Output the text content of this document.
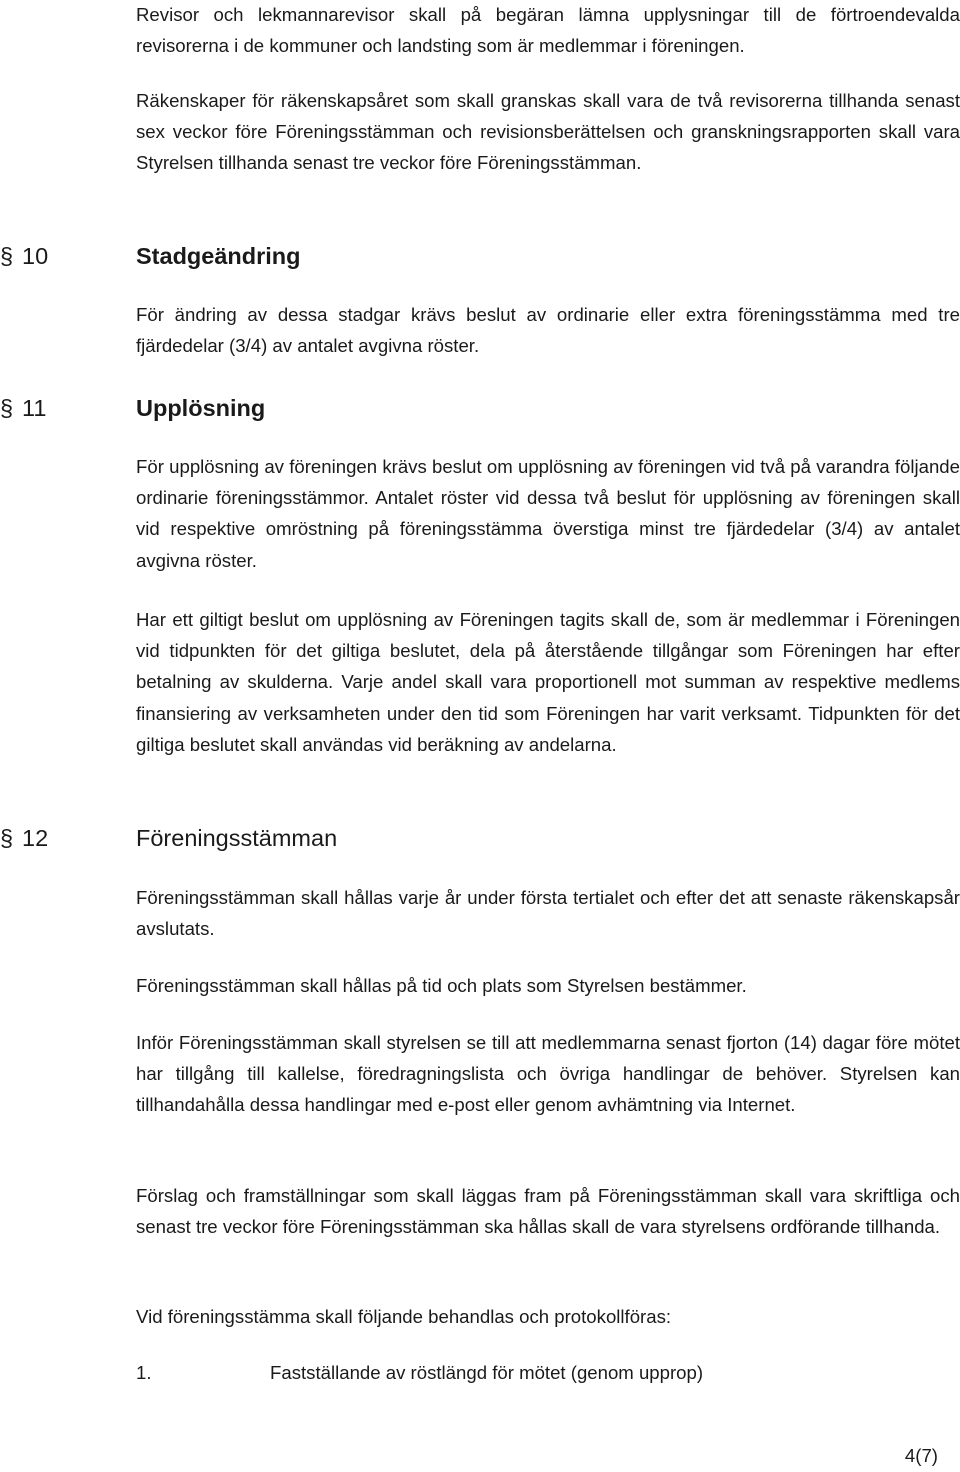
Revisor och lekmannarevisor skall på begäran lämna upplysningar till de förtroendevalda revisorerna i de kommuner och landsting som är medlemmar i föreningen.

Räkenskaper för räkenskapsåret som skall granskas skall vara de två revisorerna tillhanda senast sex veckor före Föreningsstämman och revisionsberättelsen och granskningsrapporten skall vara Styrelsen tillhanda senast tre veckor före Föreningsstämman.

§ 10	Stadgeändring

För ändring av dessa stadgar krävs beslut av ordinarie eller extra föreningsstämma med tre fjärdedelar (3/4) av antalet avgivna röster.

§ 11	Upplösning

För upplösning av föreningen krävs beslut om upplösning av föreningen vid två på varandra följande ordinarie föreningsstämmor. Antalet röster vid dessa två beslut för upplösning av föreningen skall vid respektive omröstning på föreningsstämma överstiga minst tre fjärdedelar (3/4) av antalet avgivna röster.

Har ett giltigt beslut om upplösning av Föreningen tagits skall de, som är medlemmar i Föreningen vid tidpunkten för det giltiga beslutet, dela på återstående tillgångar som Föreningen har efter betalning av skulderna. Varje andel skall vara proportionell mot summan av respektive medlems finansiering av verksamheten under den tid som Föreningen har varit verksamt. Tidpunkten för det giltiga beslutet skall användas vid beräkning av andelarna.

§ 12	Föreningsstämman

Föreningsstämman skall hållas varje år under första tertialet och efter det att senaste räkenskapsår avslutats.

Föreningsstämman skall hållas på tid och plats som Styrelsen bestämmer.

Inför Föreningsstämman skall styrelsen se till att medlemmarna senast fjorton (14) dagar före mötet har tillgång till kallelse, föredragningslista och övriga handlingar de behöver. Styrelsen kan tillhandahålla dessa handlingar med e-post eller genom avhämtning via Internet.

Förslag och framställningar som skall läggas fram på Föreningsstämman skall vara skriftliga och senast tre veckor före Föreningsstämman ska hållas skall de vara styrelsens ordförande tillhanda.

Vid föreningsstämma skall följande behandlas och protokollföras:

1.	Fastställande av röstlängd för mötet (genom upprop)
4(7)
